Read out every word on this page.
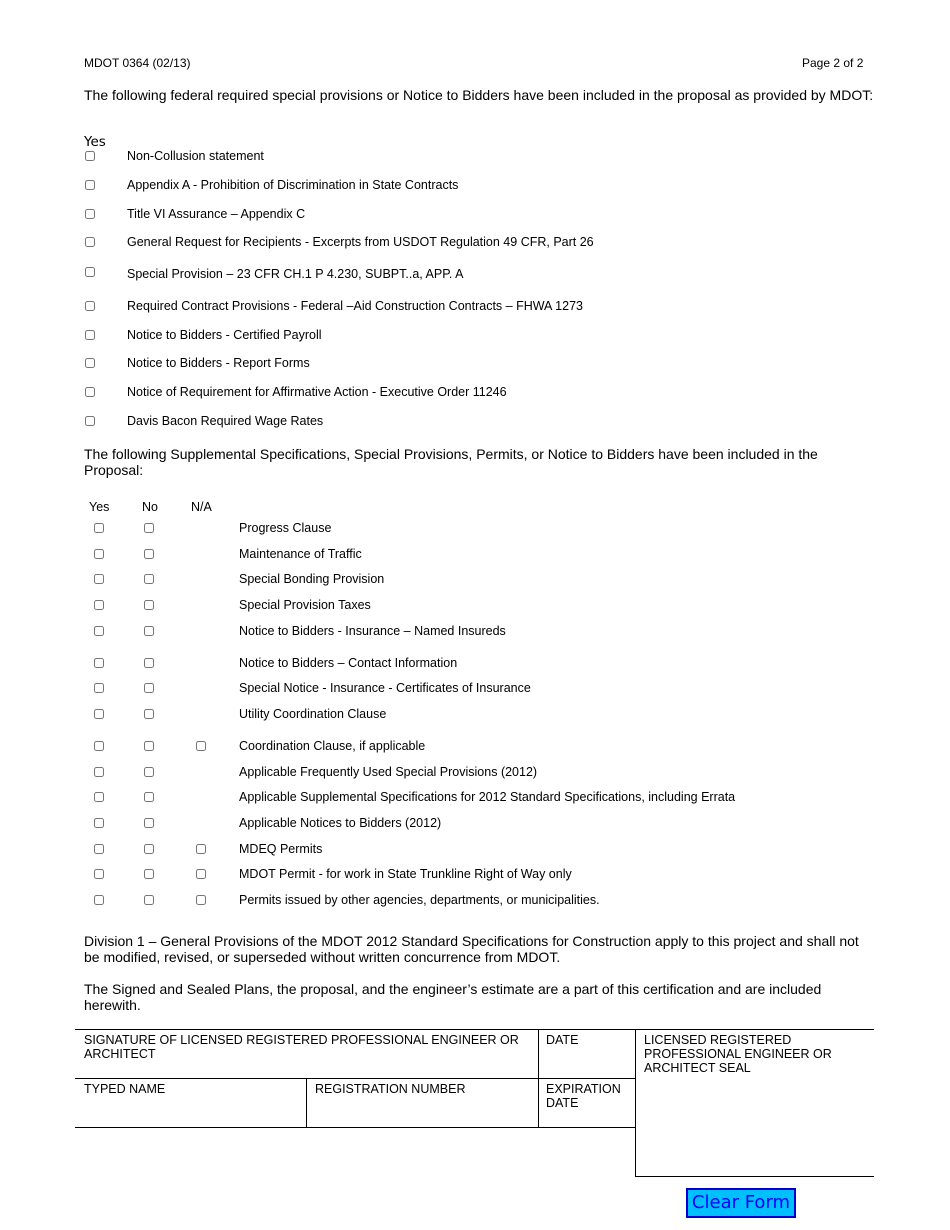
MDOT 0364 (02/13)	Page 2 of 2
The following federal required special provisions or Notice to Bidders have been included in the proposal as provided by MDOT:
Yes
Non-Collusion statement
Appendix A - Prohibition of Discrimination in State Contracts
Title VI Assurance – Appendix C
General Request for Recipients - Excerpts from USDOT Regulation 49 CFR, Part 26
Special Provision – 23 CFR CH.1 P 4.230, SUBPT..a, APP. A
Required Contract Provisions - Federal –Aid Construction Contracts – FHWA 1273
Notice to Bidders - Certified Payroll
Notice to Bidders - Report Forms
Notice of Requirement for Affirmative Action - Executive Order 11246
Davis Bacon Required Wage Rates
The following Supplemental Specifications, Special Provisions, Permits, or Notice to Bidders have been included in the Proposal:
Yes	No	N/A
Progress Clause
Maintenance of Traffic
Special Bonding Provision
Special Provision Taxes
Notice to Bidders - Insurance – Named Insureds
Notice to Bidders – Contact Information
Special Notice - Insurance - Certificates of Insurance
Utility Coordination Clause
Coordination Clause, if applicable
Applicable Frequently Used Special Provisions (2012)
Applicable Supplemental Specifications for 2012 Standard Specifications, including Errata
Applicable Notices to Bidders (2012)
MDEQ Permits
MDOT Permit - for work in State Trunkline Right of Way only
Permits issued by other agencies, departments, or municipalities.
Division 1 – General Provisions of the MDOT 2012 Standard Specifications for Construction apply to this project and shall not be modified, revised, or superseded without written concurrence from MDOT.
The Signed and Sealed Plans, the proposal, and the engineer’s estimate are a part of this certification and are included herewith.
SIGNATURE OF LICENSED REGISTERED PROFESSIONAL ENGINEER OR ARCHITECT
DATE	LICENSED REGISTERED PROFESSIONAL ENGINEER OR ARCHITECT SEAL
TYPED NAME	REGISTRATION NUMBER	EXPIRATION DATE
Clear Form
